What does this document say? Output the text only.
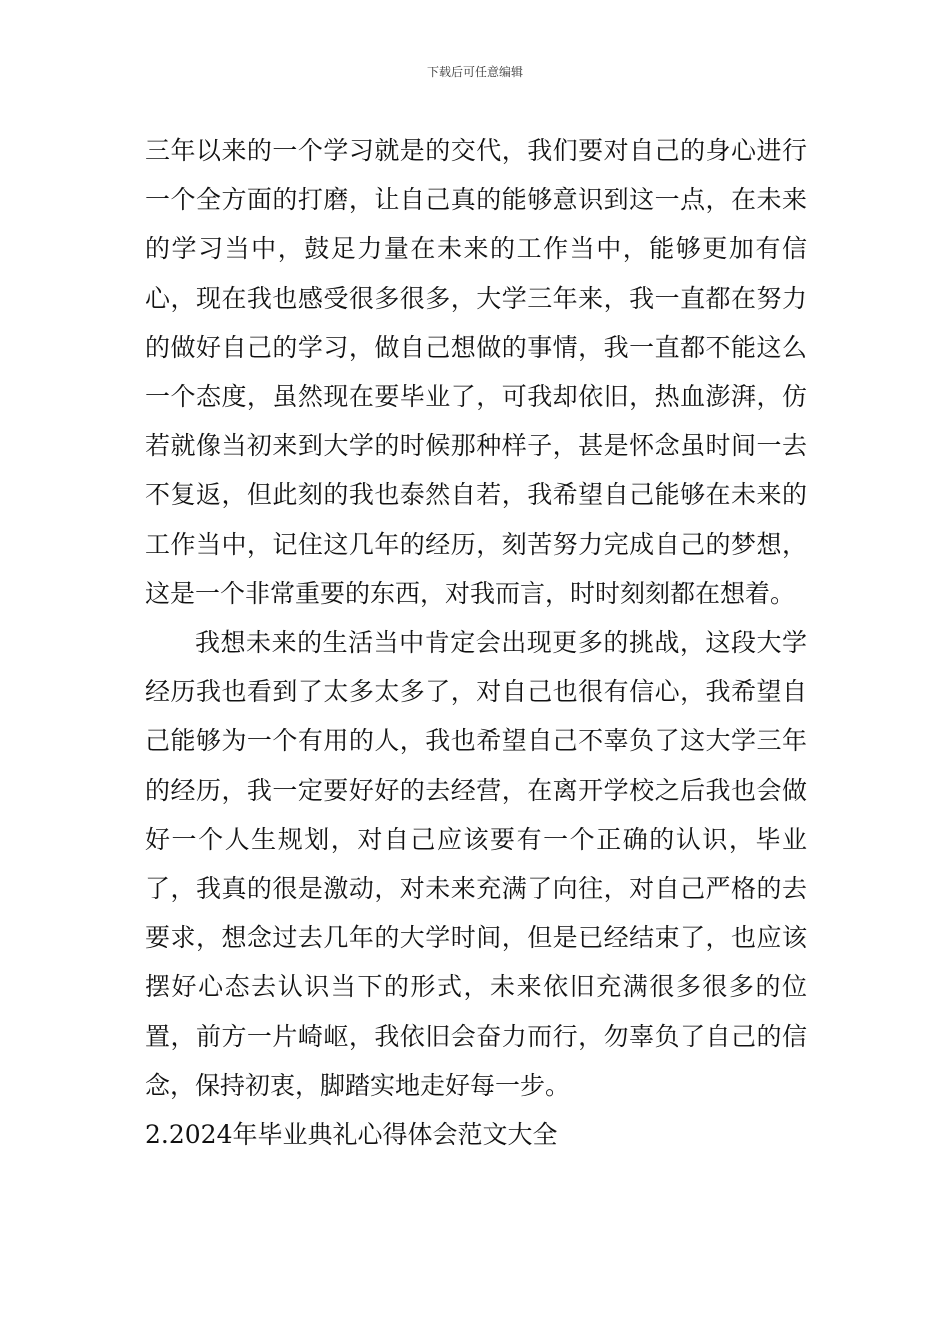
下载后可任意编辑

三年以来的一个学习就是的交代，我们要对自己的身心进行一个全方面的打磨，让自己真的能够意识到这一点，在未来的学习当中，鼓足力量在未来的工作当中，能够更加有信心，现在我也感受很多很多，大学三年来，我一直都在努力的做好自己的学习，做自己想做的事情，我一直都不能这么一个态度，虽然现在要毕业了，可我却依旧，热血澎湃，仿若就像当初来到大学的时候那种样子，甚是怀念虽时间一去不复返，但此刻的我也泰然自若，我希望自己能够在未来的工作当中，记住这几年的经历，刻苦努力完成自己的梦想，这是一个非常重要的东西，对我而言，时时刻刻都在想着。

我想未来的生活当中肯定会出现更多的挑战，这段大学经历我也看到了太多太多了，对自己也很有信心，我希望自己能够为一个有用的人，我也希望自己不辜负了这大学三年的经历，我一定要好好的去经营，在离开学校之后我也会做好一个人生规划，对自己应该要有一个正确的认识，毕业了，我真的很是激动，对未来充满了向往，对自己严格的去要求，想念过去几年的大学时间，但是已经结束了，也应该摆好心态去认识当下的形式，未来依旧充满很多很多的位置，前方一片崎岖，我依旧会奋力而行，勿辜负了自己的信念，保持初衷，脚踏实地走好每一步。

2.2024年毕业典礼心得体会范文大全
